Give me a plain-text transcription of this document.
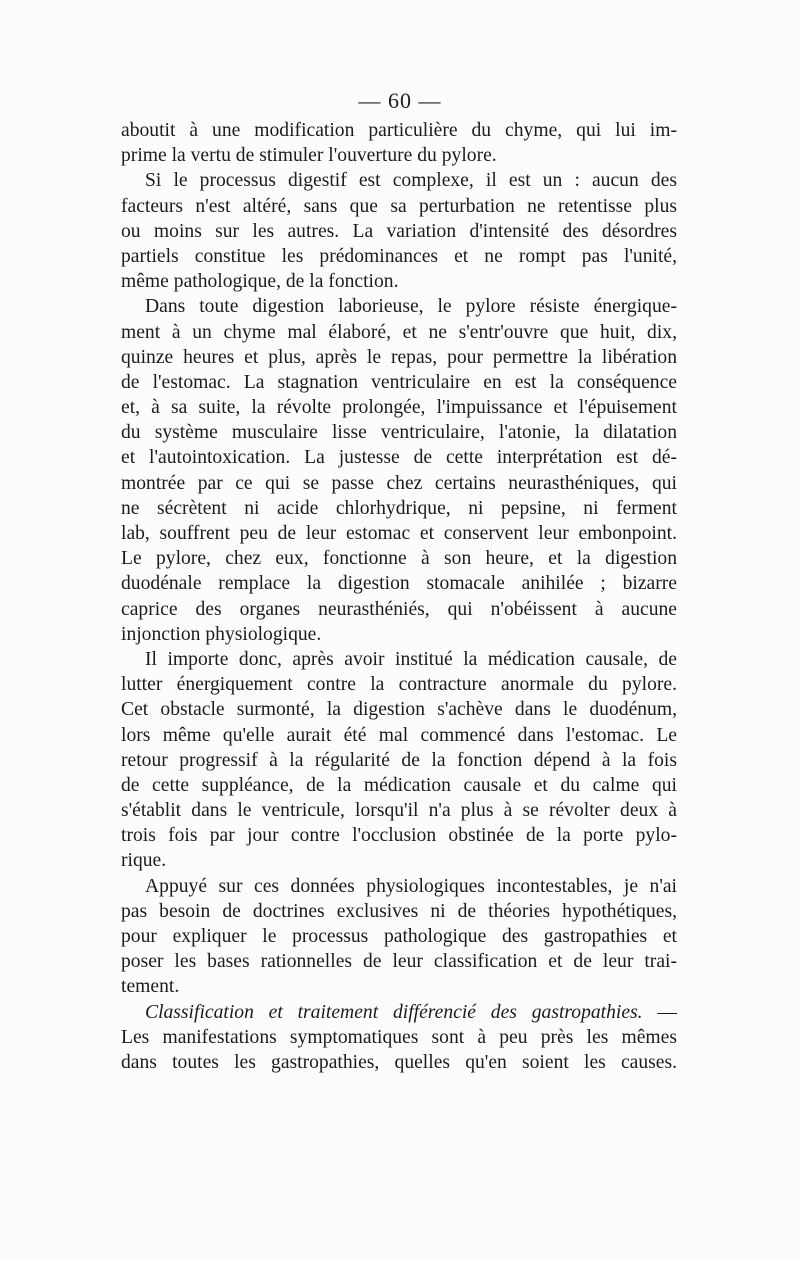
— 60 —
aboutit à une modification particulière du chyme, qui lui im-
prime la vertu de stimuler l'ouverture du pylore.
Si le processus digestif est complexe, il est un : aucun des
facteurs n'est altéré, sans que sa perturbation ne retentisse plus
ou moins sur les autres. La variation d'intensité des désordres
partiels constitue les prédominances et ne rompt pas l'unité,
même pathologique, de la fonction.
Dans toute digestion laborieuse, le pylore résiste énergique-
ment à un chyme mal élaboré, et ne s'entr'ouvre que huit, dix,
quinze heures et plus, après le repas, pour permettre la libération
de l'estomac. La stagnation ventriculaire en est la conséquence
et, à sa suite, la révolte prolongée, l'impuissance et l'épuisement
du système musculaire lisse ventriculaire, l'atonie, la dilatation
et l'autointoxication. La justesse de cette interprétation est dé-
montrée par ce qui se passe chez certains neurasthéniques, qui
ne sécrètent ni acide chlorhydrique, ni pepsine, ni ferment
lab, souffrent peu de leur estomac et conservent leur embonpoint.
Le pylore, chez eux, fonctionne à son heure, et la digestion
duodénale remplace la digestion stomacale anihilée ; bizarre
caprice des organes neurasthéniés, qui n'obéissent à aucune
injonction physiologique.
Il importe donc, après avoir institué la médication causale, de
lutter énergiquement contre la contracture anormale du pylore.
Cet obstacle surmonté, la digestion s'achève dans le duodénum,
lors même qu'elle aurait été mal commencé dans l'estomac. Le
retour progressif à la régularité de la fonction dépend à la fois
de cette suppléance, de la médication causale et du calme qui
s'établit dans le ventricule, lorsqu'il n'a plus à se révolter deux à
trois fois par jour contre l'occlusion obstinée de la porte pylo-
rique.
Appuyé sur ces données physiologiques incontestables, je n'ai
pas besoin de doctrines exclusives ni de théories hypothétiques,
pour expliquer le processus pathologique des gastropathies et
poser les bases rationnelles de leur classification et de leur trai-
tement.
Classification et traitement différencié des gastropathies. —
Les manifestations symptomatiques sont à peu près les mêmes
dans toutes les gastropathies, quelles qu'en soient les causes.
